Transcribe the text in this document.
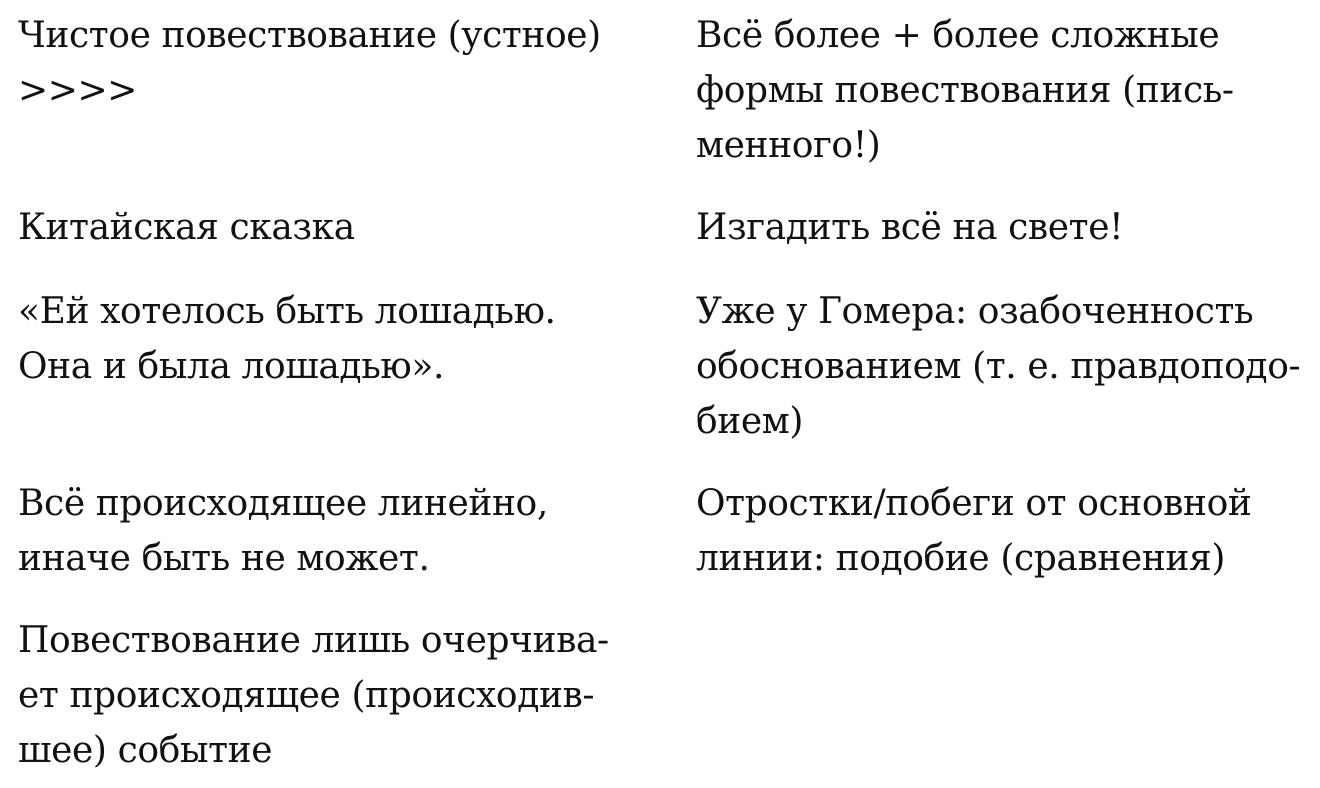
Чистое повествование (устное)
>>>>
Китайская сказка
«Ей хотелось быть лошадью.
Она и была лошадью».
Всё происходящее линейно,
иначе быть не может.
Повествование лишь очерчива-
ет происходящее (происходив-
шее) событие
Всё более + более сложные
формы повествования (пись-
менного!)
Изгадить всё на свете!
Уже у Гомера: озабоченность
обоснованием (т. е. правдоподо-
бием)
Отростки/побеги от основной
линии: подобие (сравнения)
